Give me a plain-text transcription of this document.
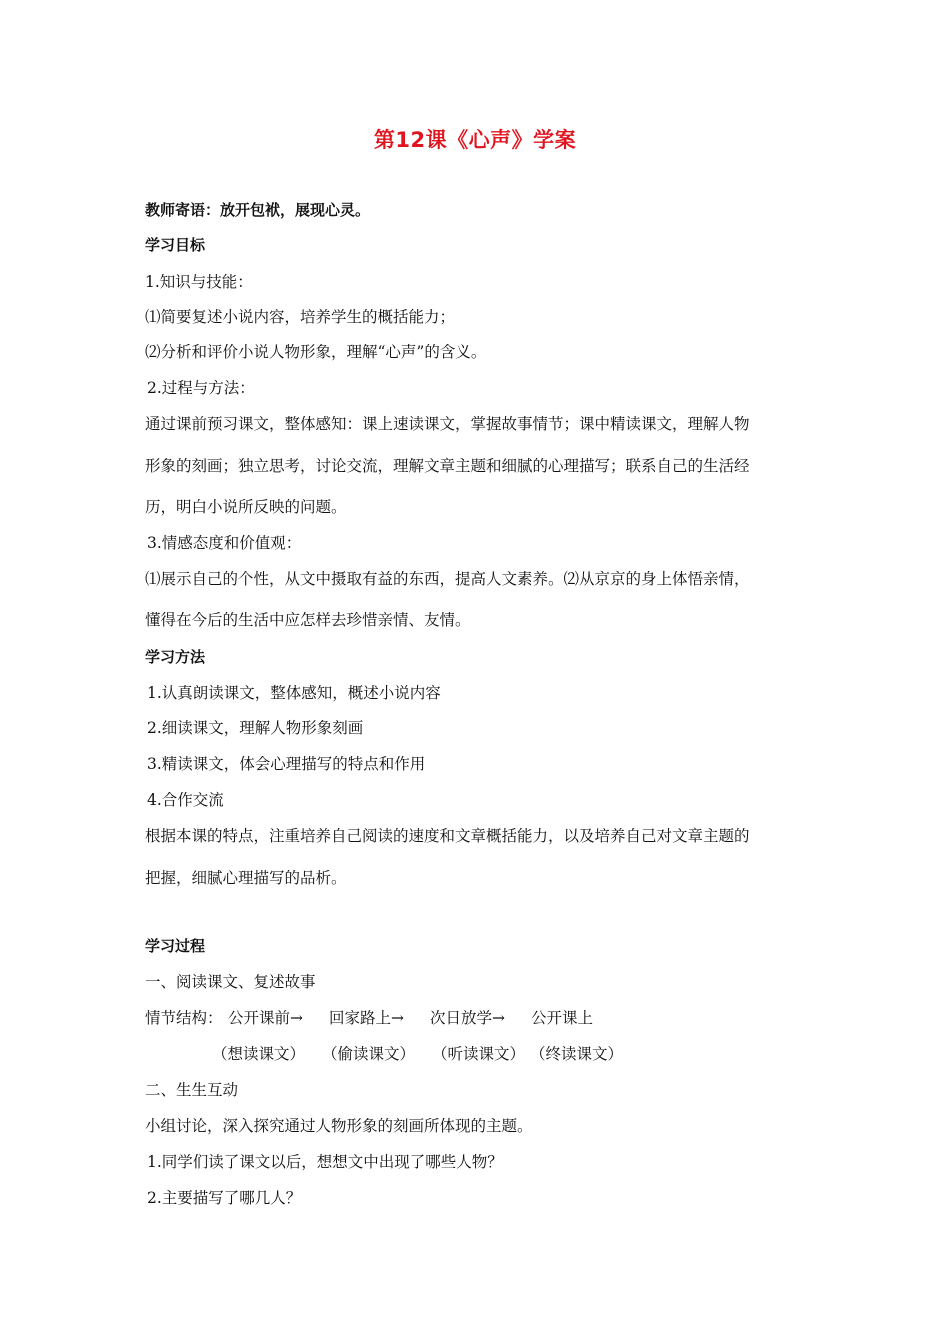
第12课《心声》学案
教师寄语：放开包袱，展现心灵。
学习目标
1.知识与技能：
⑴简要复述小说内容，培养学生的概括能力；
⑵分析和评价小说人物形象，理解“心声”的含义。
2.过程与方法：
通过课前预习课文，整体感知：课上速读课文，掌握故事情节；课中精读课文，理解人物
形象的刻画；独立思考，讨论交流，理解文章主题和细腻的心理描写；联系自己的生活经
历，明白小说所反映的问题。
3.情感态度和价值观：
⑴展示自己的个性，从文中摄取有益的东西，提高人文素养。⑵从京京的身上体悟亲情，
懂得在今后的生活中应怎样去珍惜亲情、友情。
学习方法
1.认真朗读课文，整体感知，概述小说内容
2.细读课文，理解人物形象刻画
3.精读课文，体会心理描写的特点和作用
4.合作交流
根据本课的特点，注重培养自己阅读的速度和文章概括能力，以及培养自己对文章主题的
把握，细腻心理描写的品析。
学习过程
一、阅读课文、复述故事
情节结构： 公开课前→ 回家路上→ 次日放学→ 公开课上
（想读课文） （偷读课文） （听读课文） （终读课文）
二、生生互动
小组讨论，深入探究通过人物形象的刻画所体现的主题。
1.同学们读了课文以后，想想文中出现了哪些人物？
2.主要描写了哪几人？
